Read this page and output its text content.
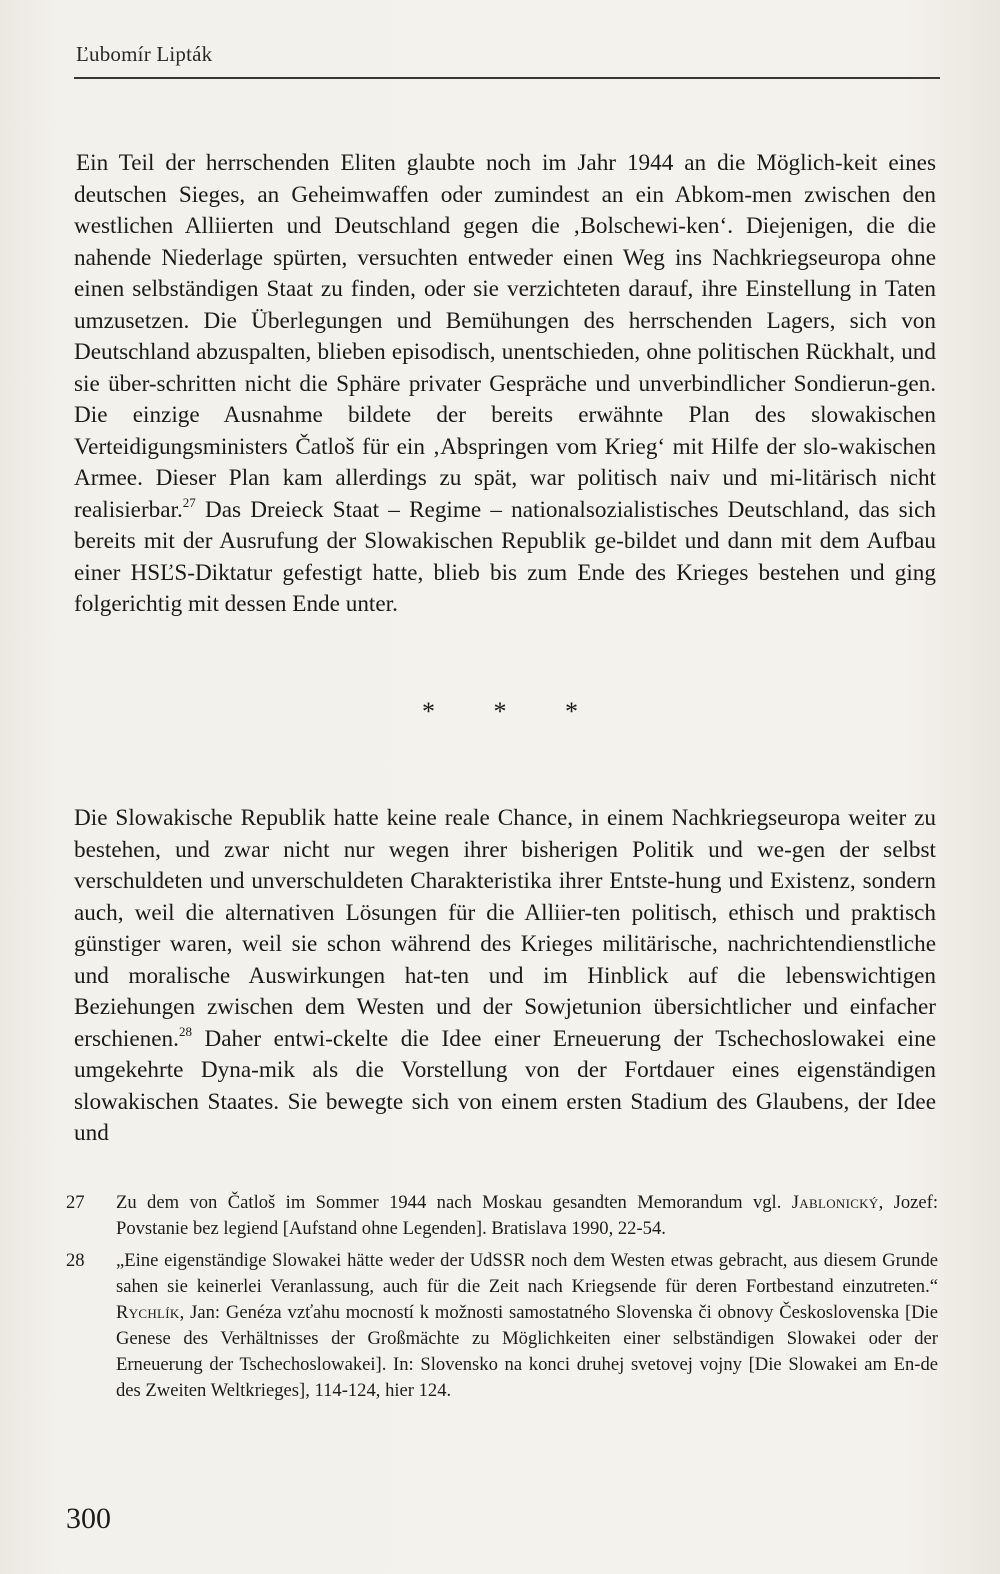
Ľubomír Lipták

Ein Teil der herrschenden Eliten glaubte noch im Jahr 1944 an die Möglich-keit eines deutschen Sieges, an Geheimwaffen oder zumindest an ein Abkom-men zwischen den westlichen Alliierten und Deutschland gegen die ‚Bolschewi-ken‘. Diejenigen, die die nahende Niederlage spürten, versuchten entweder einen Weg ins Nachkriegseuropa ohne einen selbständigen Staat zu finden, oder sie verzichteten darauf, ihre Einstellung in Taten umzusetzen. Die Überlegungen und Bemühungen des herrschenden Lagers, sich von Deutschland abzuspalten, blieben episodisch, unentschieden, ohne politischen Rückhalt, und sie über-schritten nicht die Sphäre privater Gespräche und unverbindlicher Sondierun-gen. Die einzige Ausnahme bildete der bereits erwähnte Plan des slowakischen Verteidigungsministers Čatloš für ein ‚Abspringen vom Krieg‘ mit Hilfe der slo-wakischen Armee. Dieser Plan kam allerdings zu spät, war politisch naiv und mi-litärisch nicht realisierbar.$^{27}$ Das Dreieck Staat – Regime – nationalsozialistisches Deutschland, das sich bereits mit der Ausrufung der Slowakischen Republik ge-bildet und dann mit dem Aufbau einer HSĽS-Diktatur gefestigt hatte, blieb bis zum Ende des Krieges bestehen und ging folgerichtig mit dessen Ende unter.

* * *

Die Slowakische Republik hatte keine reale Chance, in einem Nachkriegseuropa weiter zu bestehen, und zwar nicht nur wegen ihrer bisherigen Politik und we-gen der selbst verschuldeten und unverschuldeten Charakteristika ihrer Entste-hung und Existenz, sondern auch, weil die alternativen Lösungen für die Alliier-ten politisch, ethisch und praktisch günstiger waren, weil sie schon während des Krieges militärische, nachrichtendienstliche und moralische Auswirkungen hat-ten und im Hinblick auf die lebenswichtigen Beziehungen zwischen dem Westen und der Sowjetunion übersichtlicher und einfacher erschienen.$^{28}$ Daher entwi-ckelte die Idee einer Erneuerung der Tschechoslowakei eine umgekehrte Dyna-mik als die Vorstellung von der Fortdauer eines eigenständigen slowakischen Staates. Sie bewegte sich von einem ersten Stadium des Glaubens, der Idee und

27	Zu dem von Čatloš im Sommer 1944 nach Moskau gesandten Memorandum vgl. Jablonický, Jozef: Povstanie bez legiend [Aufstand ohne Legenden]. Bratislava 1990, 22-54.
28	„Eine eigenständige Slowakei hätte weder der UdSSR noch dem Westen etwas gebracht, aus diesem Grunde sahen sie keinerlei Veranlassung, auch für die Zeit nach Kriegsende für deren Fortbestand einzutreten.“ Rychlík, Jan: Genéza vzťahu mocností k možnosti samostatného Slovenska či obnovy Československa [Die Genese des Verhältnisses der Großmächte zu Möglichkeiten einer selbständigen Slowakei oder der Erneuerung der Tschechoslowakei]. In: Slovensko na konci druhej svetovej vojny [Die Slowakei am En-de des Zweiten Weltkrieges], 114-124, hier 124.
300
